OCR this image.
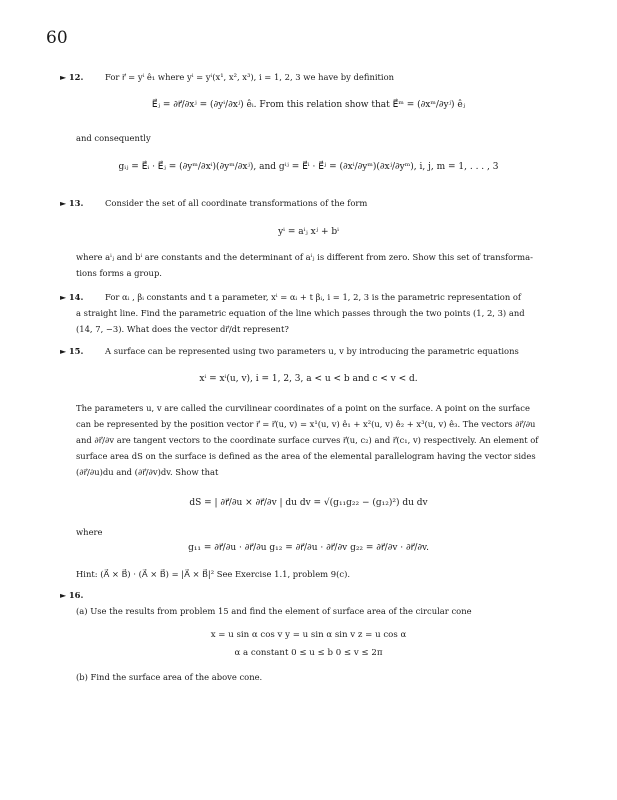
60
► 12.	For r⃗ = yⁱ ê₁ where yⁱ = yⁱ(x¹, x², x³), i = 1, 2, 3 we have by definition
E⃗ⱼ = ∂r⃗/∂xʲ = (∂yⁱ/∂xʲ) êᵢ. From this relation show that E⃗ᵐ = (∂xᵐ/∂yʲ) êⱼ
and consequently
gᵢⱼ = E⃗ᵢ · E⃗ⱼ = (∂yᵐ/∂xⁱ)(∂yᵐ/∂xʲ), and gⁱʲ = E⃗ⁱ · E⃗ʲ = (∂xⁱ/∂yᵐ)(∂xʲ/∂yᵐ), i, j, m = 1, . . . , 3
► 13.	Consider the set of all coordinate transformations of the form
yⁱ = aⁱⱼ xʲ + bⁱ
where aⁱⱼ and bⁱ are constants and the determinant of aⁱⱼ is different from zero. Show this set of transforma-
tions forms a group.
► 14.	For αᵢ , βᵢ constants and t a parameter, xⁱ = αᵢ + t βᵢ, i = 1, 2, 3 is the parametric representation of
a straight line. Find the parametric equation of the line which passes through the two points (1, 2, 3) and
(14, 7, −3). What does the vector dr⃗/dt represent?
► 15.	A surface can be represented using two parameters u, v by introducing the parametric equations
xⁱ = xⁱ(u, v), i = 1, 2, 3, a < u < b and c < v < d.
The parameters u, v are called the curvilinear coordinates of a point on the surface. A point on the surface
can be represented by the position vector r⃗ = r⃗(u, v) = x¹(u, v) ê₁ + x²(u, v) ê₂ + x³(u, v) ê₃. The vectors ∂r⃗/∂u
and ∂r⃗/∂v are tangent vectors to the coordinate surface curves r⃗(u, c₂) and r⃗(c₁, v) respectively. An element of
surface area dS on the surface is defined as the area of the elemental parallelogram having the vector sides
(∂r⃗/∂u)du and (∂r⃗/∂v)dv. Show that
dS = | ∂r⃗/∂u × ∂r⃗/∂v | du dv = √(g₁₁g₂₂ − (g₁₂)²) du dv
where
g₁₁ = ∂r⃗/∂u · ∂r⃗/∂u g₁₂ = ∂r⃗/∂u · ∂r⃗/∂v g₂₂ = ∂r⃗/∂v · ∂r⃗/∂v.
Hint: (A⃗ × B⃗) · (A⃗ × B⃗) = |A⃗ × B⃗|² See Exercise 1.1, problem 9(c).
► 16.
(a) Use the results from problem 15 and find the element of surface area of the circular cone
x = u sin α cos v y = u sin α sin v z = u cos α
α a constant 0 ≤ u ≤ b 0 ≤ v ≤ 2π
(b) Find the surface area of the above cone.
